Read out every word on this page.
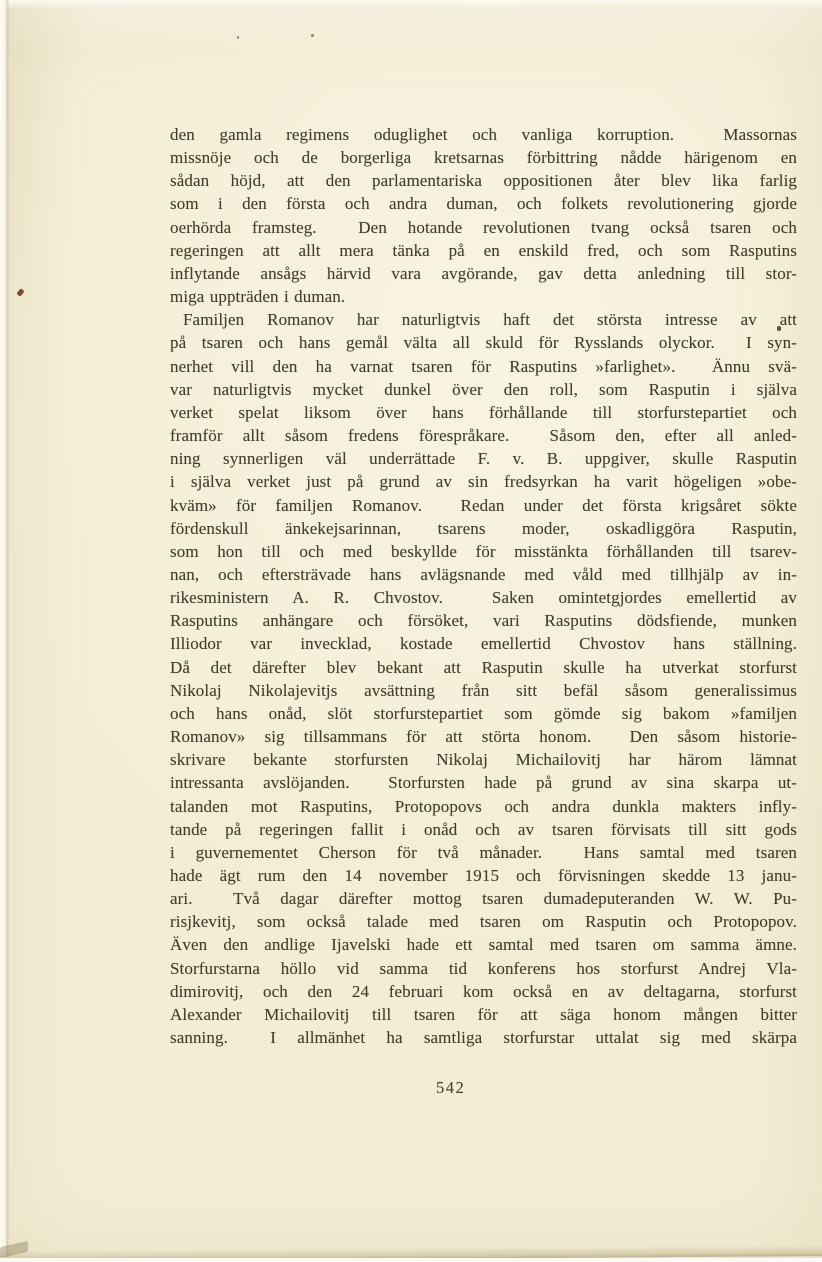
den gamla regimens oduglighet och vanliga korruption.  Massornas
missnöje och de borgerliga kretsarnas förbittring nådde härigenom en
sådan höjd, att den parlamentariska oppositionen åter blev lika farlig
som i den första och andra duman, och folkets revolutionering gjorde
oerhörda framsteg.  Den hotande revolutionen tvang också tsaren och
regeringen att allt mera tänka på en enskild fred, och som Rasputins
inflytande ansågs härvid vara avgörande, gav detta anledning till stor-
miga uppträden i duman.
Familjen Romanov har naturligtvis haft det största intresse av att
på tsaren och hans gemål välta all skuld för Rysslands olyckor.  I syn-
nerhet vill den ha varnat tsaren för Rasputins »farlighet».  Ännu svä-
var naturligtvis mycket dunkel över den roll, som Rasputin i själva
verket spelat liksom över hans förhållande till storfurstepartiet och
framför allt såsom fredens förespråkare.  Såsom den, efter all anled-
ning synnerligen väl underrättade F. v. B. uppgiver, skulle Rasputin
i själva verket just på grund av sin fredsyrkan ha varit högeligen »obe-
kväm» för familjen Romanov.  Redan under det första krigsåret sökte
fördenskull änkekejsarinnan, tsarens moder, oskadliggöra Rasputin,
som hon till och med beskyllde för misstänkta förhållanden till tsarev-
nan, och eftersträvade hans avlägsnande med våld med tillhjälp av in-
rikesministern A. R. Chvostov.  Saken omintetgjordes emellertid av
Rasputins anhängare och försöket, vari Rasputins dödsfiende, munken
Illiodor var invecklad, kostade emellertid Chvostov hans ställning.
Då det därefter blev bekant att Rasputin skulle ha utverkat storfurst
Nikolaj Nikolajevitjs avsättning från sitt befäl såsom generalissimus
och hans onåd, slöt storfurstepartiet som gömde sig bakom »familjen
Romanov» sig tillsammans för att störta honom.  Den såsom historie-
skrivare bekante storfursten Nikolaj Michailovitj har härom lämnat
intressanta avslöjanden.  Storfursten hade på grund av sina skarpa ut-
talanden mot Rasputins, Protopopovs och andra dunkla makters infly-
tande på regeringen fallit i onåd och av tsaren förvisats till sitt gods
i guvernementet Cherson för två månader.  Hans samtal med tsaren
hade ägt rum den 14 november 1915 och förvisningen skedde 13 janu-
ari.  Två dagar därefter mottog tsaren dumadeputeranden W. W. Pu-
risjkevitj, som också talade med tsaren om Rasputin och Protopopov.
Även den andlige Ijavelski hade ett samtal med tsaren om samma ämne.
Storfurstarna höllo vid samma tid konferens hos storfurst Andrej Vla-
dimirovitj, och den 24 februari kom också en av deltagarna, storfurst
Alexander Michailovitj till tsaren för att säga honom mången bitter
sanning.  I allmänhet ha samtliga storfurstar uttalat sig med skärpa
542
